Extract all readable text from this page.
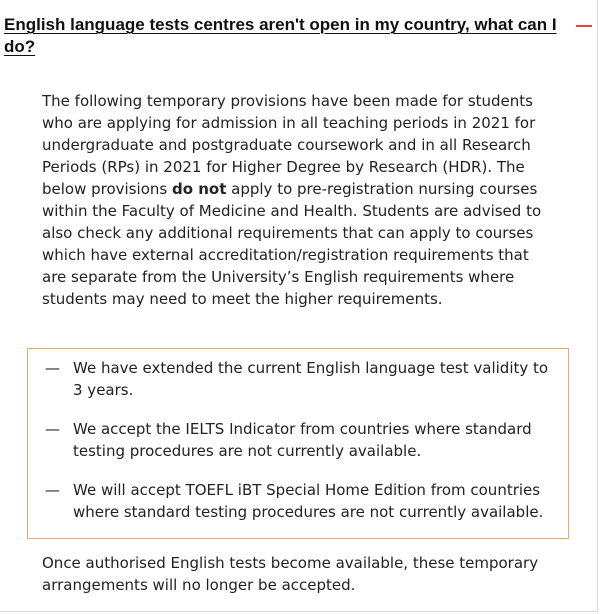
English language tests centres aren't open in my country, what can I do?

The following temporary provisions have been made for students who are applying for admission in all teaching periods in 2021 for undergraduate and postgraduate coursework and in all Research Periods (RPs) in 2021 for Higher Degree by Research (HDR). The below provisions do not apply to pre-registration nursing courses within the Faculty of Medicine and Health. Students are advised to also check any additional requirements that can apply to courses which have external accreditation/registration requirements that are separate from the University’s English requirements where students may need to meet the higher requirements.

— We have extended the current English language test validity to 3 years.
— We accept the IELTS Indicator from countries where standard testing procedures are not currently available.
— We will accept TOEFL iBT Special Home Edition from countries where standard testing procedures are not currently available.

Once authorised English tests become available, these temporary arrangements will no longer be accepted.
